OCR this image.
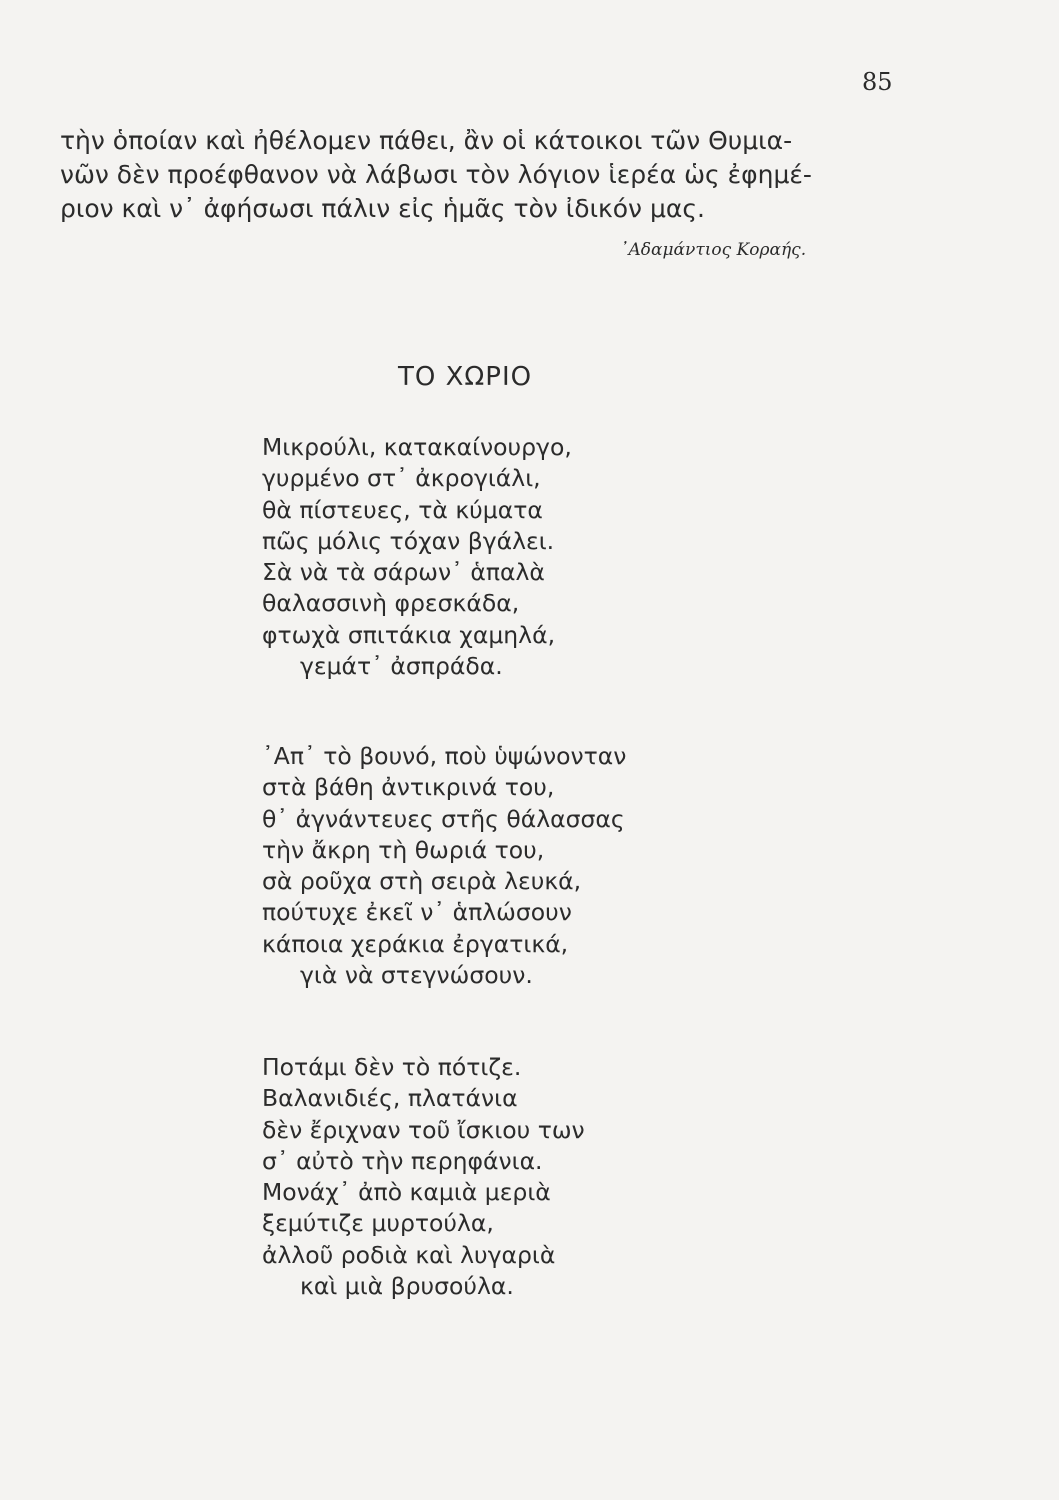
85
τὴν ὁποίαν καὶ ἠθέλομεν πάθει, ἂν οἱ κάτοικοι τῶν Θυμια-
νῶν δὲν προέφθανον νὰ λάβωσι τὸν λόγιον ἱερέα ὡς ἐφημέ-
ριον καὶ ν᾽ ἀφήσωσι πάλιν εἰς ἡμᾶς τὸν ἰδικόν μας.
᾽Αδαμάντιος Κοραής.
ΤΟ ΧΩΡΙΟ
Μικρούλι, κατακαίνουργο,
γυρμένο στ᾽ ἀκρογιάλι,
θὰ πίστευες, τὰ κύματα
πῶς μόλις τόχαν βγάλει.
Σὰ νὰ τὰ σάρων᾽ ἁπαλὰ
θαλασσινὴ φρεσκάδα,
φτωχὰ σπιτάκια χαμηλά,
γεμάτ᾽ ἀσπράδα.
᾽Απ᾽ τὸ βουνό, ποὺ ὑψώνονταν
στὰ βάθη ἀντικρινά του,
θ᾽ ἀγνάντευες στῆς θάλασσας
τὴν ἄκρη τὴ θωριά του,
σὰ ροῦχα στὴ σειρὰ λευκά,
πούτυχε ἐκεῖ ν᾽ ἁπλώσουν
κάποια χεράκια ἐργατικά,
γιὰ νὰ στεγνώσουν.
Ποτάμι δὲν τὸ πότιζε.
Βαλανιδιές, πλατάνια
δὲν ἔριχναν τοῦ ἴσκιου των
σ᾽ αὐτὸ τὴν περηφάνια.
Μονάχ᾽ ἀπὸ καμιὰ μεριὰ
ξεμύτιζε μυρτούλα,
ἀλλοῦ ροδιὰ καὶ λυγαριὰ
καὶ μιὰ βρυσούλα.
